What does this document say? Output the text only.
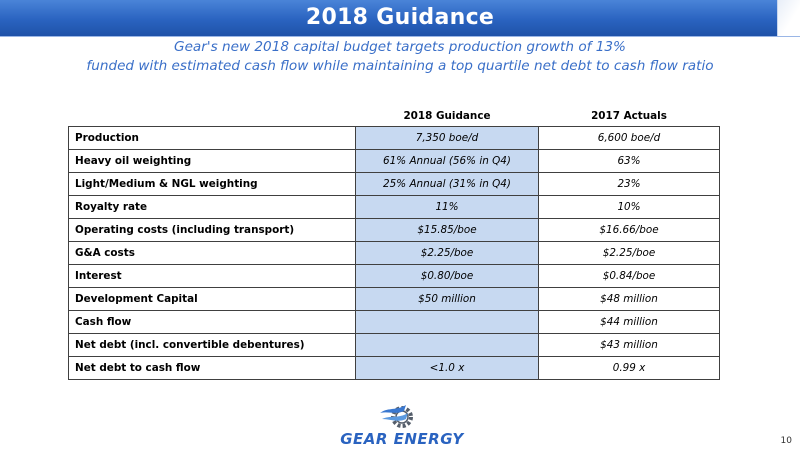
2018 Guidance
Gear's new 2018 capital budget targets production growth of 13%
funded with estimated cash flow while maintaining a top quartile net debt to cash flow ratio
	2018 Guidance	2017 Actuals
Production	7,350 boe/d	6,600 boe/d
Heavy oil weighting	61% Annual (56% in Q4)	63%
Light/Medium & NGL weighting	25% Annual (31% in Q4)	23%
Royalty rate	11%	10%
Operating costs (including transport)	$15.85/boe	$16.66/boe
G&A costs	$2.25/boe	$2.25/boe
Interest	$0.80/boe	$0.84/boe
Development Capital	$50 million	$48 million
Cash flow		$44 million
Net debt (incl. convertible debentures)		$43 million
Net debt to cash flow	<1.0 x	0.99 x
GEAR ENERGY	10
